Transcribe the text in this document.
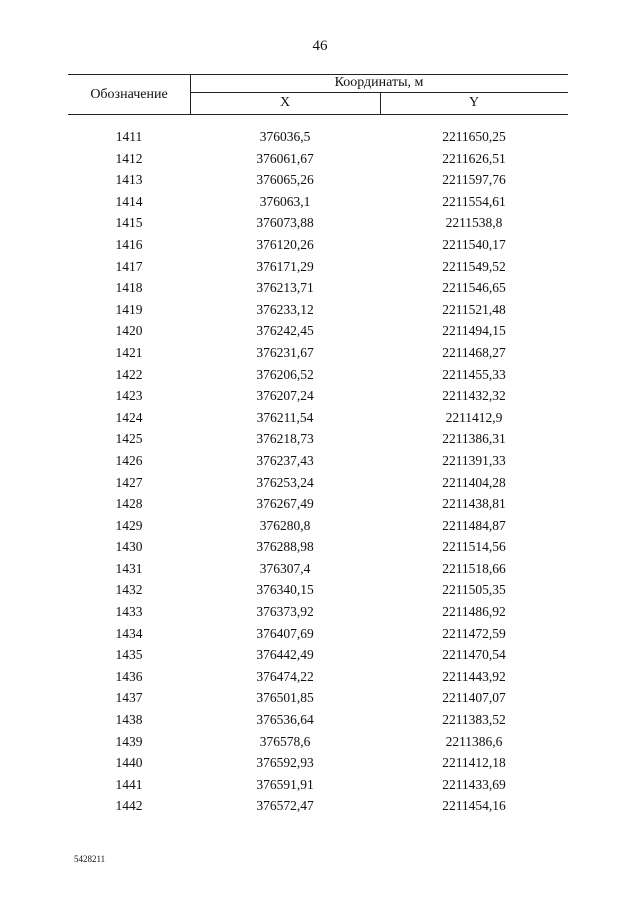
46
Обозначение
Координаты, м
X	Y
1411	376036,5	2211650,25
1412	376061,67	2211626,51
1413	376065,26	2211597,76
1414	376063,1	2211554,61
1415	376073,88	2211538,8
1416	376120,26	2211540,17
1417	376171,29	2211549,52
1418	376213,71	2211546,65
1419	376233,12	2211521,48
1420	376242,45	2211494,15
1421	376231,67	2211468,27
1422	376206,52	2211455,33
1423	376207,24	2211432,32
1424	376211,54	2211412,9
1425	376218,73	2211386,31
1426	376237,43	2211391,33
1427	376253,24	2211404,28
1428	376267,49	2211438,81
1429	376280,8	2211484,87
1430	376288,98	2211514,56
1431	376307,4	2211518,66
1432	376340,15	2211505,35
1433	376373,92	2211486,92
1434	376407,69	2211472,59
1435	376442,49	2211470,54
1436	376474,22	2211443,92
1437	376501,85	2211407,07
1438	376536,64	2211383,52
1439	376578,6	2211386,6
1440	376592,93	2211412,18
1441	376591,91	2211433,69
1442	376572,47	2211454,16
5428211
